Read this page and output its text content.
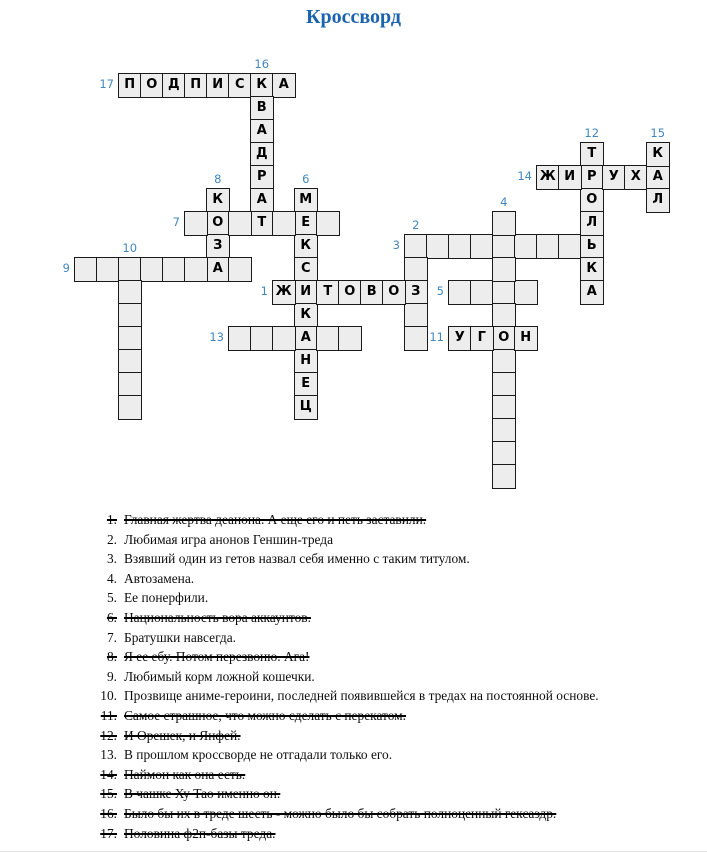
Кроссворд
П О Д П И С К А
В
А
Д
Р
А
Т
К
О
З
А
М
Е
К
С
И
К
А
Н
Е
Ц
Ь
З
Ж	Т О В О
О
У Г	Н
Т
Р
О
Л
К
А
Ж И	У Х А
К
Л
17
16
8	6
7
3
2
9
10
1	5
4
13	11
12
14
15
1. Главная жертва деанона. А еще его и петь заставили.
2. Любимая игра анонов Геншин-треда
3. Взявший один из гетов назвал себя именно с таким титулом.
4. Автозамена.
5. Ее понерфили.
6. Национальность вора аккаунтов.
7. Братушки навсегда.
8. Я ее ебу. Потом перезвоню. Ага!
9. Любимый корм ложной кошечки.
10. Прозвище аниме-героини, последней появившейся в тредах на постоянной основе.
11. Самое страшное, что можно сделать с перекатом.
12. И Орешек, и Янфей.
13. В прошлом кроссворде не отгадали только его.
14. Паймон как она есть.
15. В чашке Ху Тао именно он.
16. Было бы их в треде шесть - можно было бы собрать полноценный гексаэдр.
17. Половина ф2п-базы треда.
